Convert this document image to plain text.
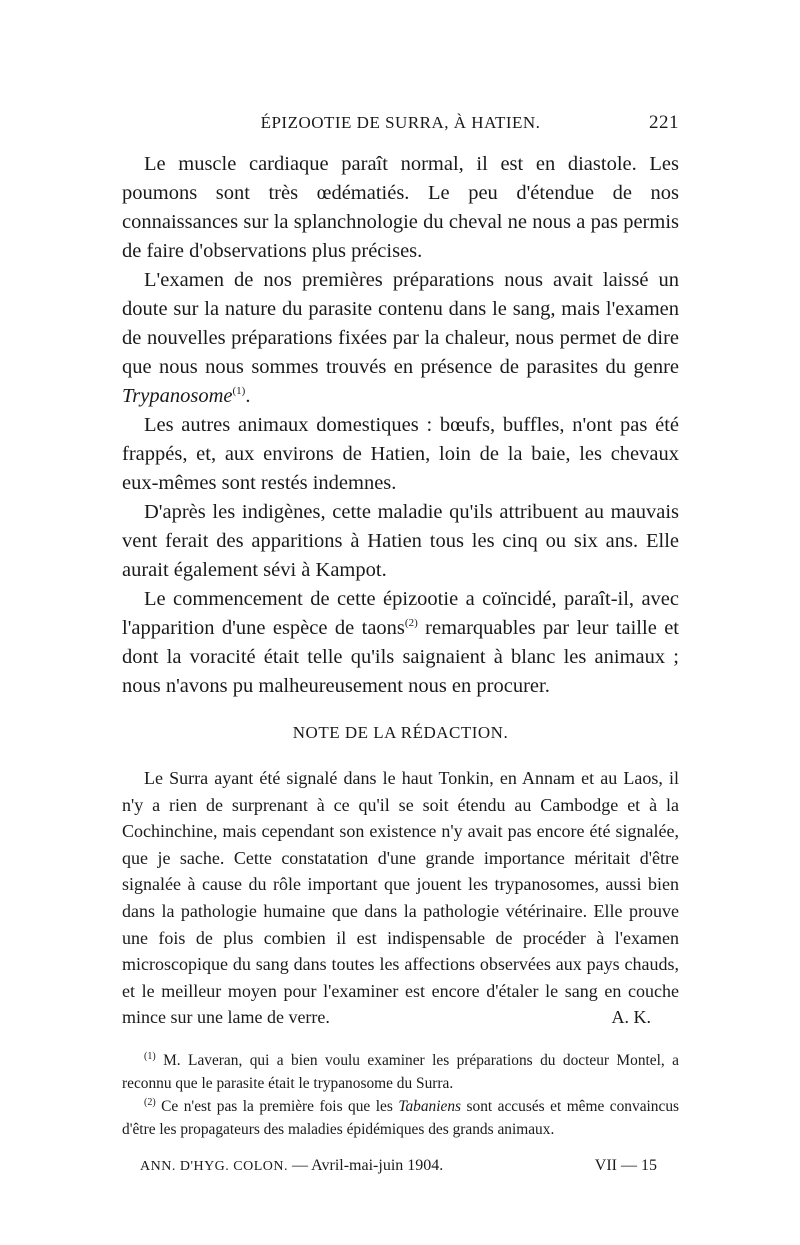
ÉPIZOOTIE DE SURRA, À HATIEN.	221

Le muscle cardiaque paraît normal, il est en diastole. Les poumons sont très œdématiés. Le peu d'étendue de nos connaissances sur la splanchnologie du cheval ne nous a pas permis de faire d'observations plus précises.

L'examen de nos premières préparations nous avait laissé un doute sur la nature du parasite contenu dans le sang, mais l'examen de nouvelles préparations fixées par la chaleur, nous permet de dire que nous nous sommes trouvés en présence de parasites du genre Trypanosome$^{(1)}$.

Les autres animaux domestiques : bœufs, buffles, n'ont pas été frappés, et, aux environs de Hatien, loin de la baie, les chevaux eux-mêmes sont restés indemnes.

D'après les indigènes, cette maladie qu'ils attribuent au mauvais vent ferait des apparitions à Hatien tous les cinq ou six ans. Elle aurait également sévi à Kampot.

Le commencement de cette épizootie a coïncidé, paraît-il, avec l'apparition d'une espèce de taons$^{(2)}$ remarquables par leur taille et dont la voracité était telle qu'ils saignaient à blanc les animaux ; nous n'avons pu malheureusement nous en procurer.

NOTE DE LA RÉDACTION.

Le Surra ayant été signalé dans le haut Tonkin, en Annam et au Laos, il n'y a rien de surprenant à ce qu'il se soit étendu au Cambodge et à la Cochinchine, mais cependant son existence n'y avait pas encore été signalée, que je sache. Cette constatation d'une grande importance méritait d'être signalée à cause du rôle important que jouent les trypanosomes, aussi bien dans la pathologie humaine que dans la pathologie vétérinaire. Elle prouve une fois de plus combien il est indispensable de procéder à l'examen microscopique du sang dans toutes les affections observées aux pays chauds, et le meilleur moyen pour l'examiner est encore d'étaler le sang en couche mince sur une lame de verre.	A. K.

$^{(1)}$ M. Laveran, qui a bien voulu examiner les préparations du docteur Montel, a reconnu que le parasite était le trypanosome du Surra.

$^{(2)}$ Ce n'est pas la première fois que les Tabaniens sont accusés et même convaincus d'être les propagateurs des maladies épidémiques des grands animaux.

ANN. D'HYG. COLON. — Avril-mai-juin 1904.	VII — 15
